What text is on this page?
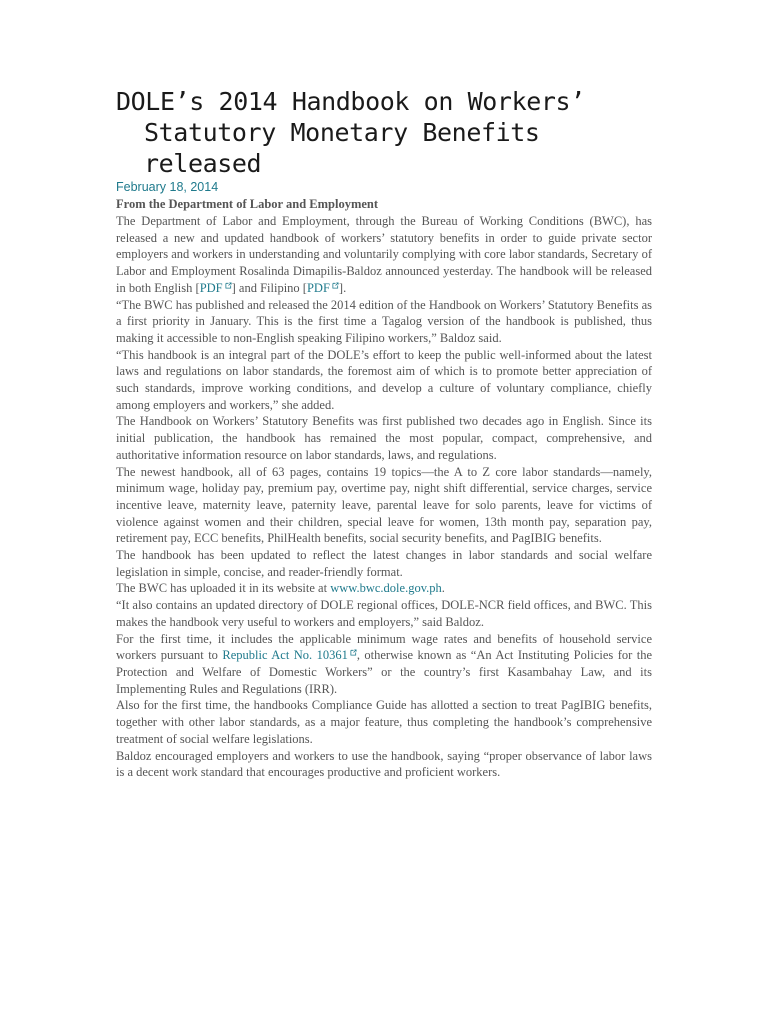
DOLE’s 2014 Handbook on Workers’ Statutory Monetary Benefits released
February 18, 2014

From the Department of Labor and Employment

The Department of Labor and Employment, through the Bureau of Working Conditions (BWC), has released a new and updated handbook of workers’ statutory benefits in order to guide private sector employers and workers in understanding and voluntarily complying with core labor standards, Secretary of Labor and Employment Rosalinda Dimapilis-Baldoz announced yesterday. The handbook will be released in both English [PDF ] and Filipino [PDF ].

“The BWC has published and released the 2014 edition of the Handbook on Workers’ Statutory Benefits as a first priority in January. This is the first time a Tagalog version of the handbook is published, thus making it accessible to non-English speaking Filipino workers,” Baldoz said.

“This handbook is an integral part of the DOLE’s effort to keep the public well-informed about the latest laws and regulations on labor standards, the foremost aim of which is to promote better appreciation of such standards, improve working conditions, and develop a culture of voluntary compliance, chiefly among employers and workers,” she added.

The Handbook on Workers’ Statutory Benefits was first published two decades ago in English. Since its initial publication, the handbook has remained the most popular, compact, comprehensive, and authoritative information resource on labor standards, laws, and regulations.

The newest handbook, all of 63 pages, contains 19 topics—the A to Z core labor standards—namely, minimum wage, holiday pay, premium pay, overtime pay, night shift differential, service charges, service incentive leave, maternity leave, paternity leave, parental leave for solo parents, leave for victims of violence against women and their children, special leave for women, 13th month pay, separation pay, retirement pay, ECC benefits, PhilHealth benefits, social security benefits, and PagIBIG benefits.

The handbook has been updated to reflect the latest changes in labor standards and social welfare legislation in simple, concise, and reader-friendly format.

The BWC has uploaded it in its website at www.bwc.dole.gov.ph.

“It also contains an updated directory of DOLE regional offices, DOLE-NCR field offices, and BWC. This makes the handbook very useful to workers and employers,” said Baldoz.

For the first time, it includes the applicable minimum wage rates and benefits of household service workers pursuant to Republic Act No. 10361 , otherwise known as “An Act Instituting Policies for the Protection and Welfare of Domestic Workers” or the country’s first Kasambahay Law, and its Implementing Rules and Regulations (IRR).

Also for the first time, the handbooks Compliance Guide has allotted a section to treat PagIBIG benefits, together with other labor standards, as a major feature, thus completing the handbook’s comprehensive treatment of social welfare legislations.

Baldoz encouraged employers and workers to use the handbook, saying “proper observance of labor laws is a decent work standard that encourages productive and proficient workers.
